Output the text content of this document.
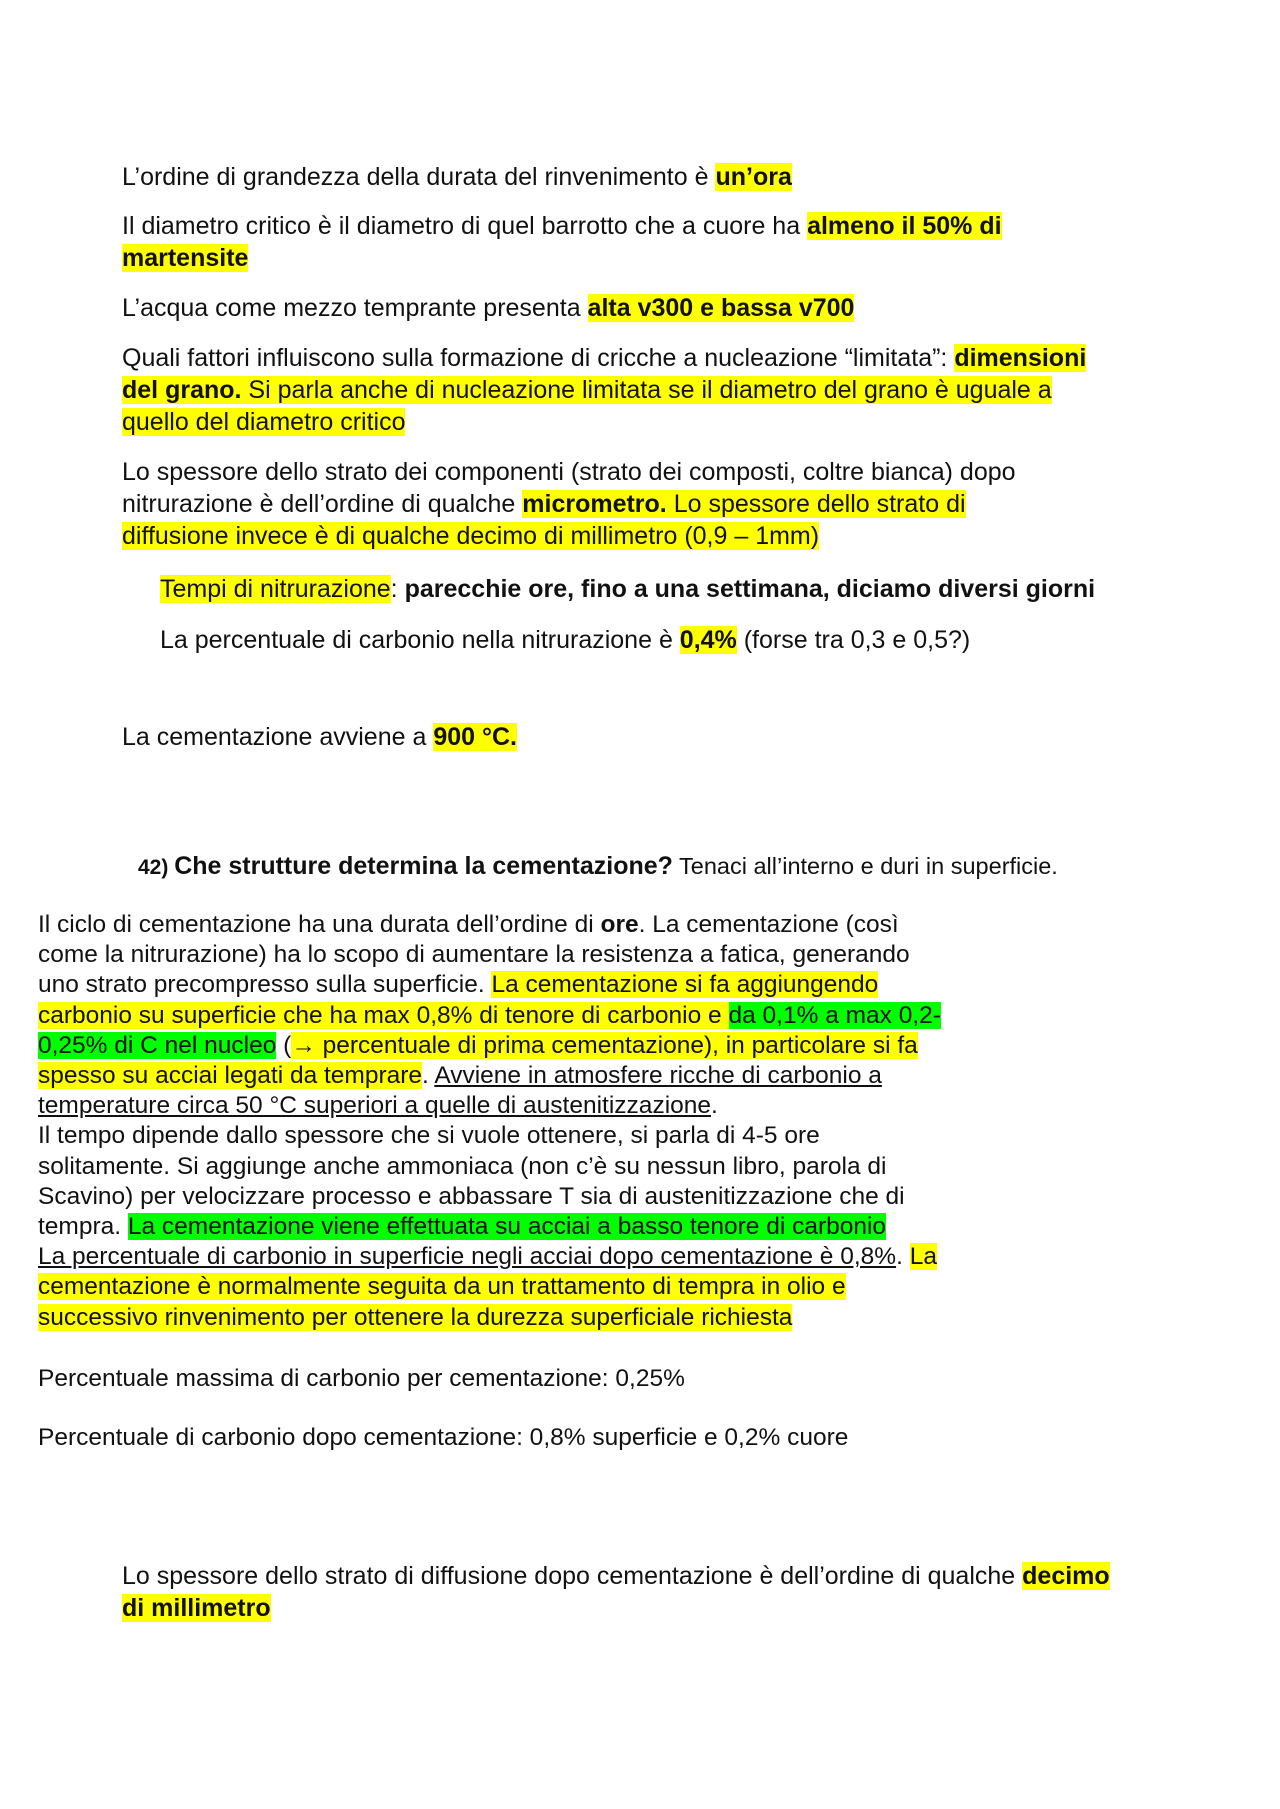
L’ordine di grandezza della durata del rinvenimento è un’ora

Il diametro critico è il diametro di quel barrotto che a cuore ha almeno il 50% di
martensite

L’acqua come mezzo temprante presenta alta v300 e bassa v700

Quali fattori influiscono sulla formazione di cricche a nucleazione “limitata”: dimensioni
del grano. Si parla anche di nucleazione limitata se il diametro del grano è uguale a
quello del diametro critico

Lo spessore dello strato dei componenti (strato dei composti, coltre bianca) dopo
nitrurazione è dell’ordine di qualche micrometro. Lo spessore dello strato di
diffusione invece è di qualche decimo di millimetro (0,9 – 1mm)

Tempi di nitrurazione: parecchie ore, fino a una settimana, diciamo diversi giorni

La percentuale di carbonio nella nitrurazione è 0,4% (forse tra 0,3 e 0,5?)

La cementazione avviene a 900 °C.

42) Che strutture determina la cementazione? Tenaci all’interno e duri in superficie.

Il ciclo di cementazione ha una durata dell’ordine di ore. La cementazione (così
come la nitrurazione) ha lo scopo di aumentare la resistenza a fatica, generando
uno strato precompresso sulla superficie. La cementazione si fa aggiungendo
carbonio su superficie che ha max 0,8% di tenore di carbonio e da 0,1% a max 0,2-
0,25% di C nel nucleo (→ percentuale di prima cementazione), in particolare si fa
spesso su acciai legati da temprare. Avviene in atmosfere ricche di carbonio a
temperature circa 50 °C superiori a quelle di austenitizzazione.
Il tempo dipende dallo spessore che si vuole ottenere, si parla di 4-5 ore
solitamente. Si aggiunge anche ammoniaca (non c’è su nessun libro, parola di
Scavino) per velocizzare processo e abbassare T sia di austenitizzazione che di
tempra. La cementazione viene effettuata su acciai a basso tenore di carbonio
La percentuale di carbonio in superficie negli acciai dopo cementazione è 0,8%. La
cementazione è normalmente seguita da un trattamento di tempra in olio e
successivo rinvenimento per ottenere la durezza superficiale richiesta

Percentuale massima di carbonio per cementazione: 0,25%

Percentuale di carbonio dopo cementazione: 0,8% superficie e 0,2% cuore

Lo spessore dello strato di diffusione dopo cementazione è dell’ordine di qualche decimo
di millimetro
